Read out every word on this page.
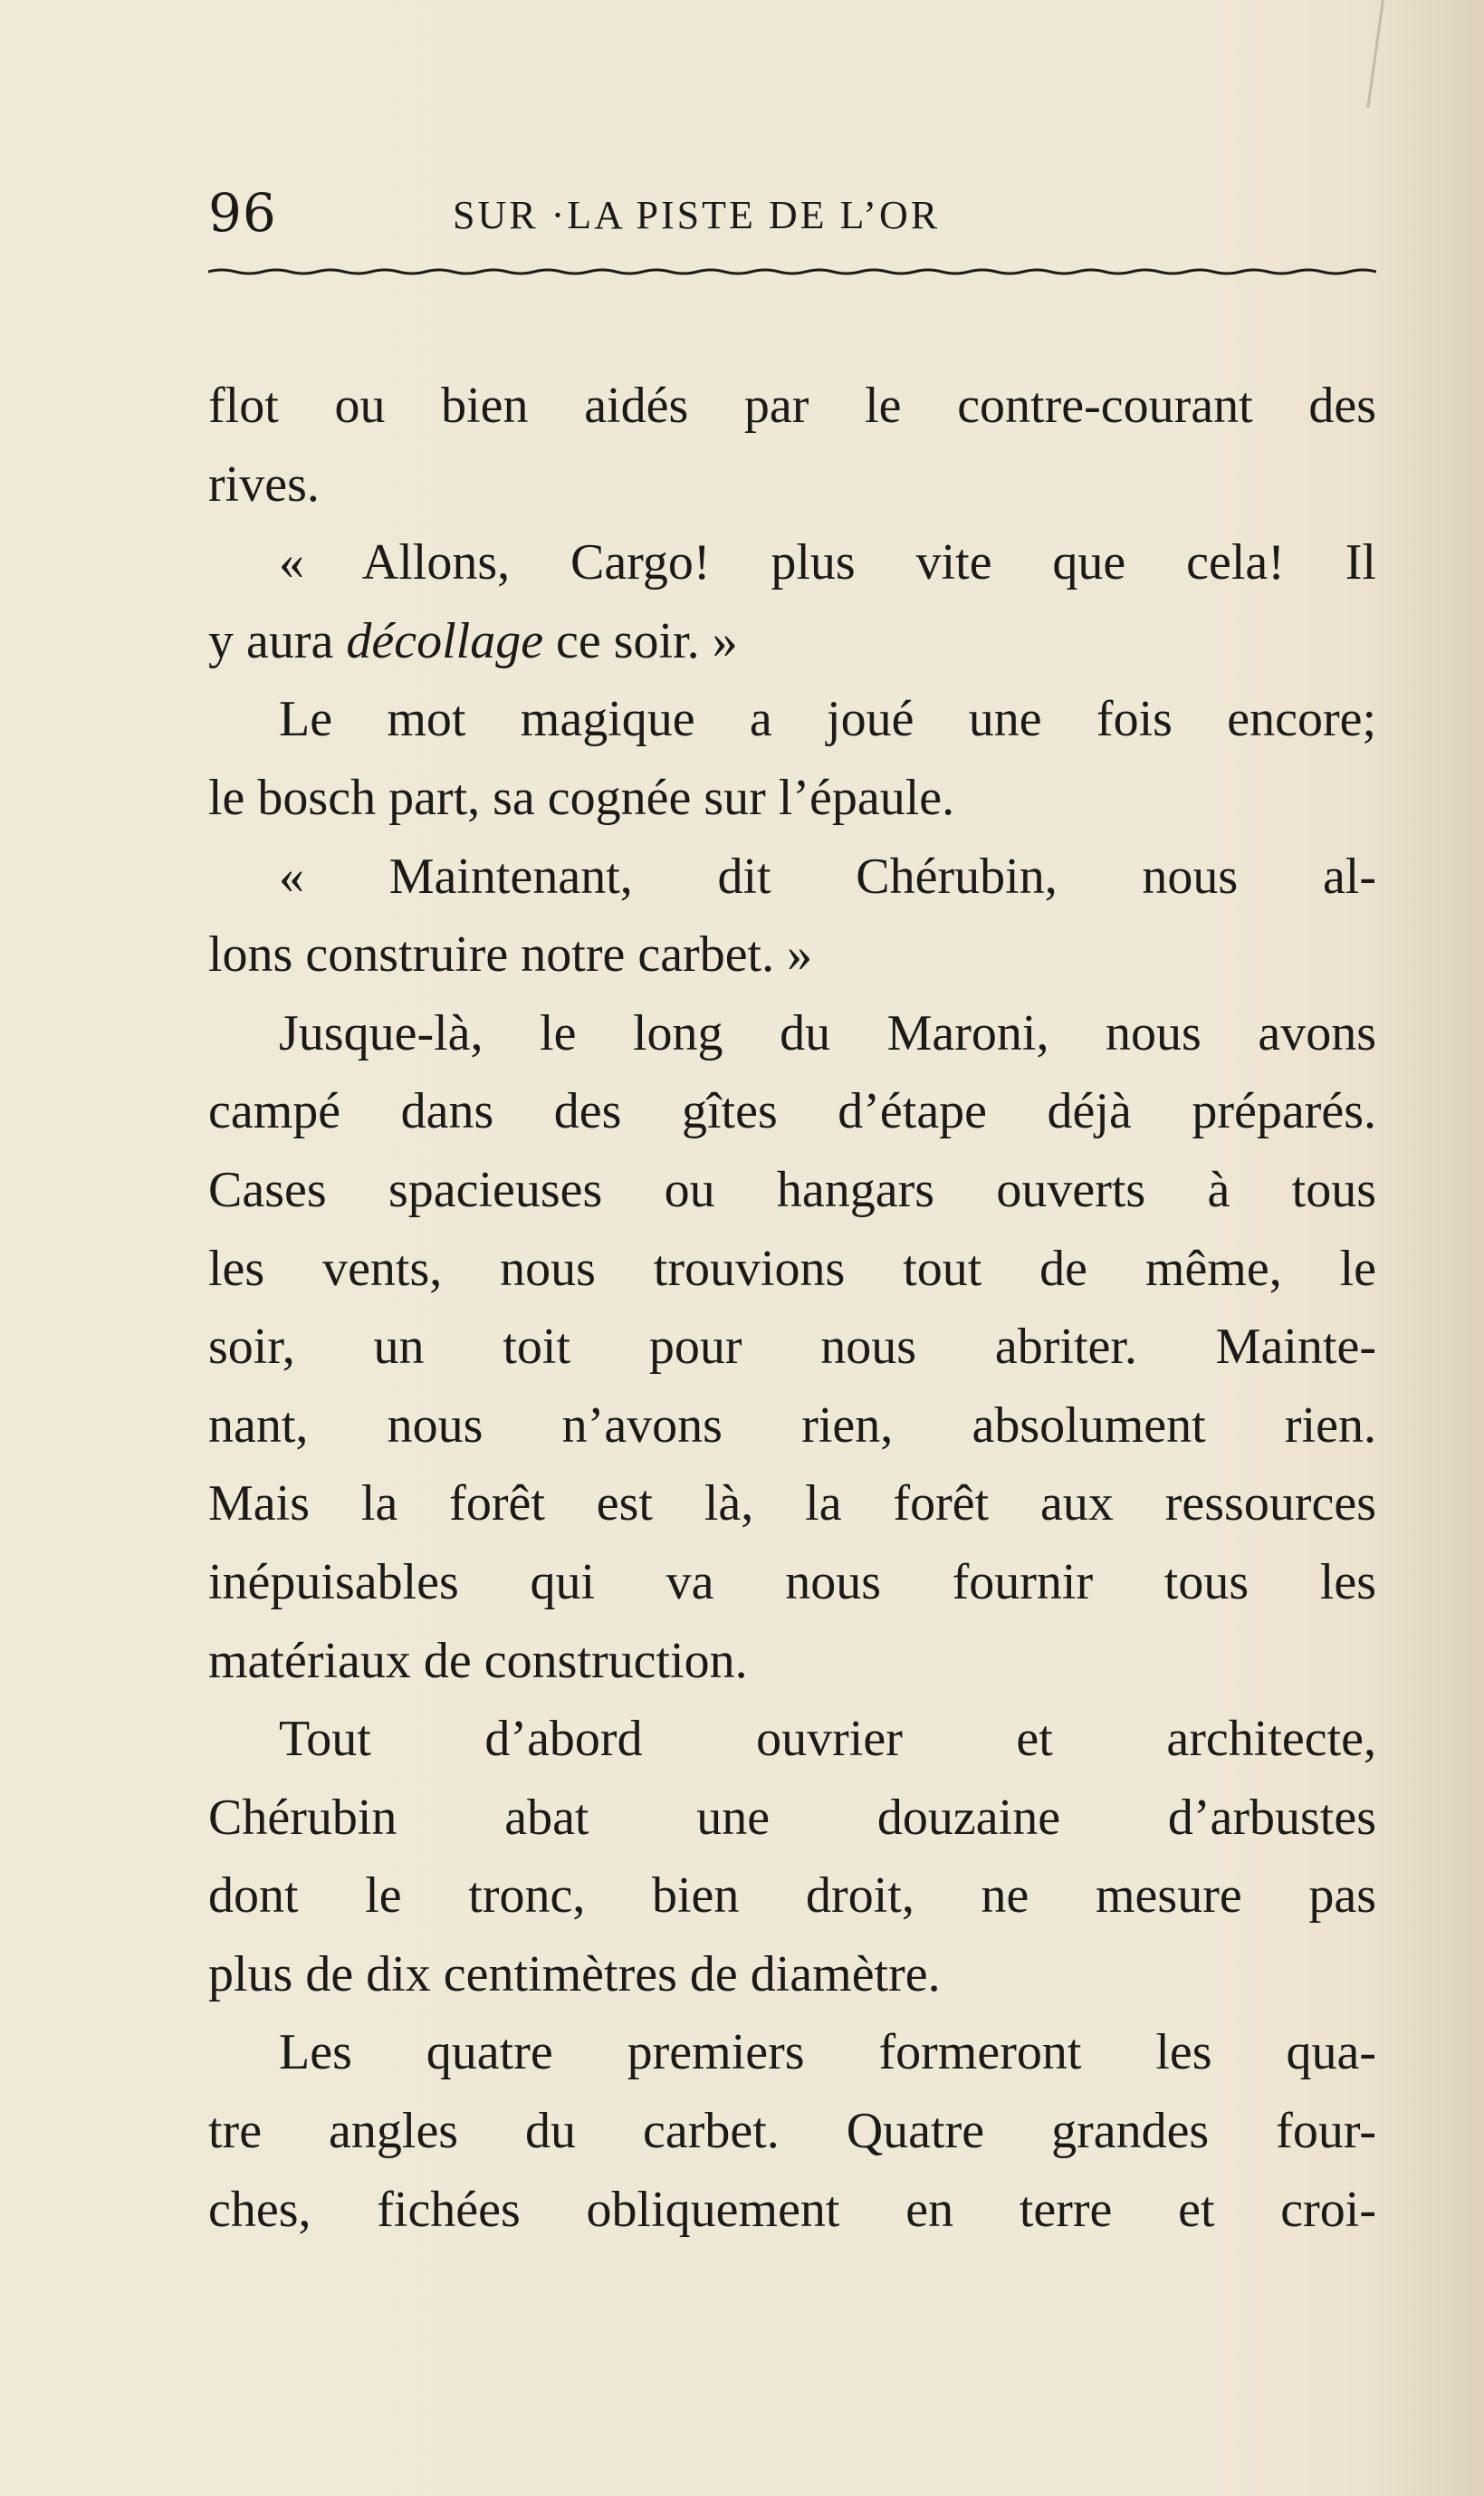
96	SUR ·LA PISTE DE L’OR
flot ou bien aidés par le contre-courant des
rives.
« Allons, Cargo! plus vite que cela! Il
y aura décollage ce soir. »
Le mot magique a joué une fois encore;
le bosch part, sa cognée sur l’épaule.
« Maintenant, dit Chérubin, nous al-
lons construire notre carbet. »
Jusque-là, le long du Maroni, nous avons
campé dans des gîtes d’étape déjà préparés.
Cases spacieuses ou hangars ouverts à tous
les vents, nous trouvions tout de même, le
soir, un toit pour nous abriter. Mainte-
nant, nous n’avons rien, absolument rien.
Mais la forêt est là, la forêt aux ressources
inépuisables qui va nous fournir tous les
matériaux de construction.
Tout d’abord ouvrier et architecte,
Chérubin abat une douzaine d’arbustes
dont le tronc, bien droit, ne mesure pas
plus de dix centimètres de diamètre.
Les quatre premiers formeront les qua-
tre angles du carbet. Quatre grandes four-
ches, fichées obliquement en terre et croi-
